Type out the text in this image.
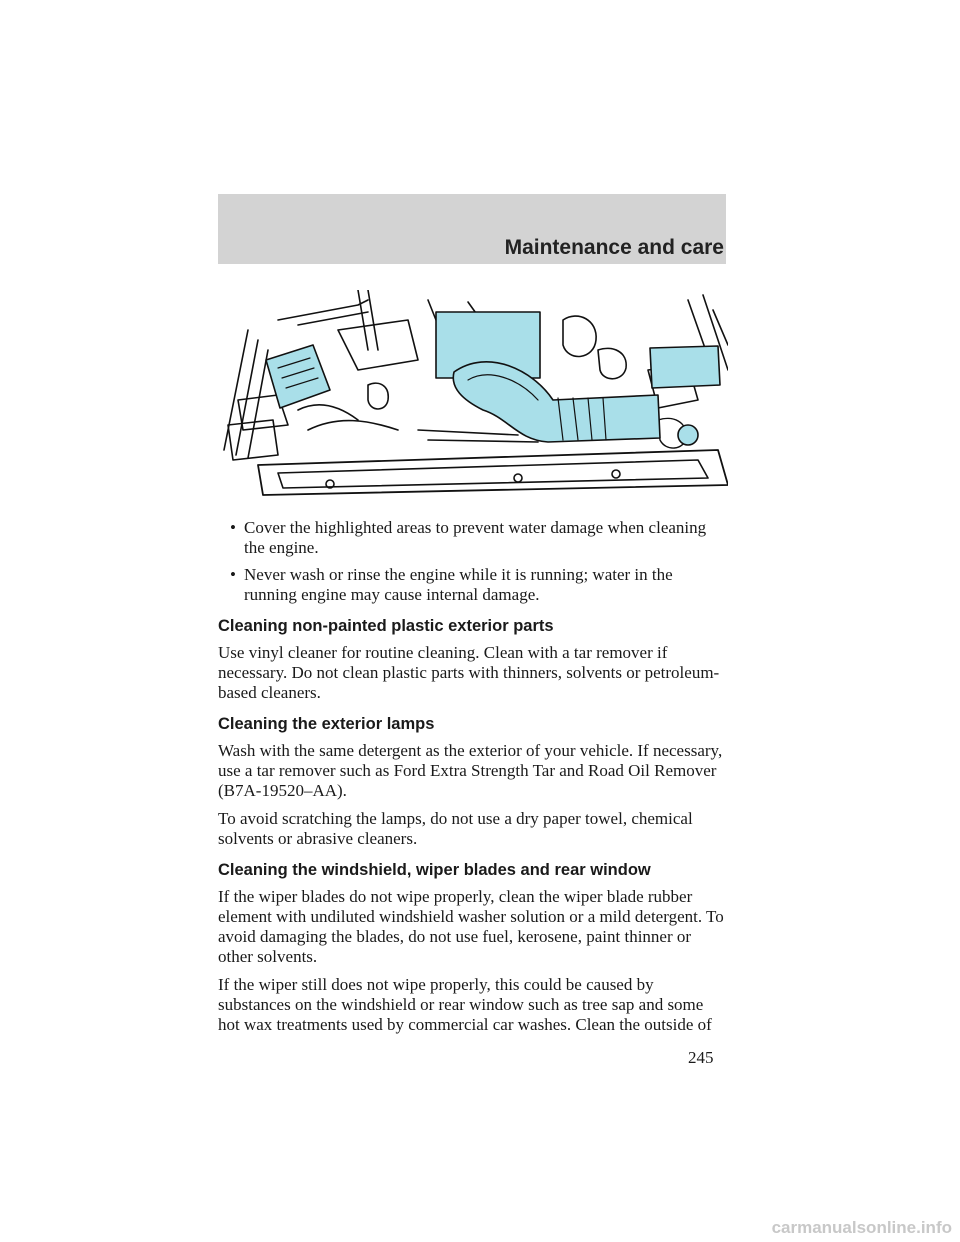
Maintenance and care
• Cover the highlighted areas to prevent water damage when cleaning the engine.
• Never wash or rinse the engine while it is running; water in the running engine may cause internal damage.
Cleaning non-painted plastic exterior parts

Use vinyl cleaner for routine cleaning. Clean with a tar remover if necessary. Do not clean plastic parts with thinners, solvents or petroleum-based cleaners.

Cleaning the exterior lamps

Wash with the same detergent as the exterior of your vehicle. If necessary, use a tar remover such as Ford Extra Strength Tar and Road Oil Remover (B7A-19520–AA).

To avoid scratching the lamps, do not use a dry paper towel, chemical solvents or abrasive cleaners.

Cleaning the windshield, wiper blades and rear window

If the wiper blades do not wipe properly, clean the wiper blade rubber element with undiluted windshield washer solution or a mild detergent. To avoid damaging the blades, do not use fuel, kerosene, paint thinner or other solvents.

If the wiper still does not wipe properly, this could be caused by substances on the windshield or rear window such as tree sap and some hot wax treatments used by commercial car washes. Clean the outside of

245
carmanualsonline.info
